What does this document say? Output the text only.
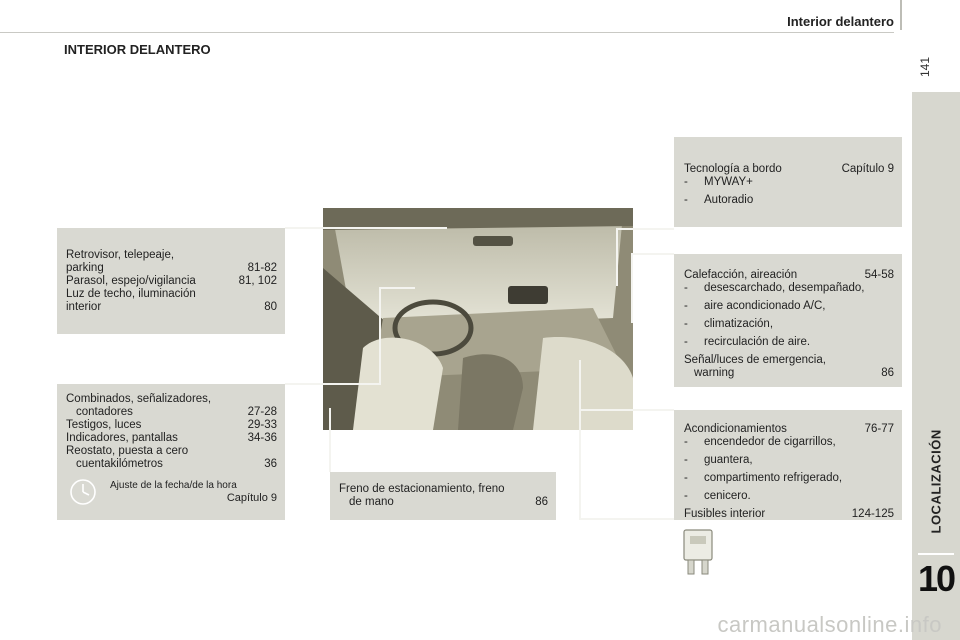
Interior delantero
141
LOCALIZACIÓN
10
INTERIOR DELANTERO
Retrovisor, telepeaje,
parking	81-82
Parasol, espejo/vigilancia	81, 102
Luz de techo, iluminación
interior	80
Combinados, señalizadores,
contadores	27-28
Testigos, luces	29-33
Indicadores, pantallas	34-36
Reostato, puesta a cero
cuentakilómetros	36
Ajuste de la fecha/de la hora
Capítulo 9
Freno de estacionamiento, freno
de mano	86
Tecnología a bordo	Capítulo 9
-	MYWAY+
-	Autoradio
Calefacción, aireación	54-58
-	desescarchado, desempañado,
-	aire acondicionado A/C,
-	climatización,
-	recirculación de aire.
Señal/luces de emergencia,
warning	86
Acondicionamientos	76-77
-	encendedor de cigarrillos,
-	guantera,
-	compartimento refrigerado,
-	cenicero.
Fusibles interior	124-125
carmanualsonline.info
